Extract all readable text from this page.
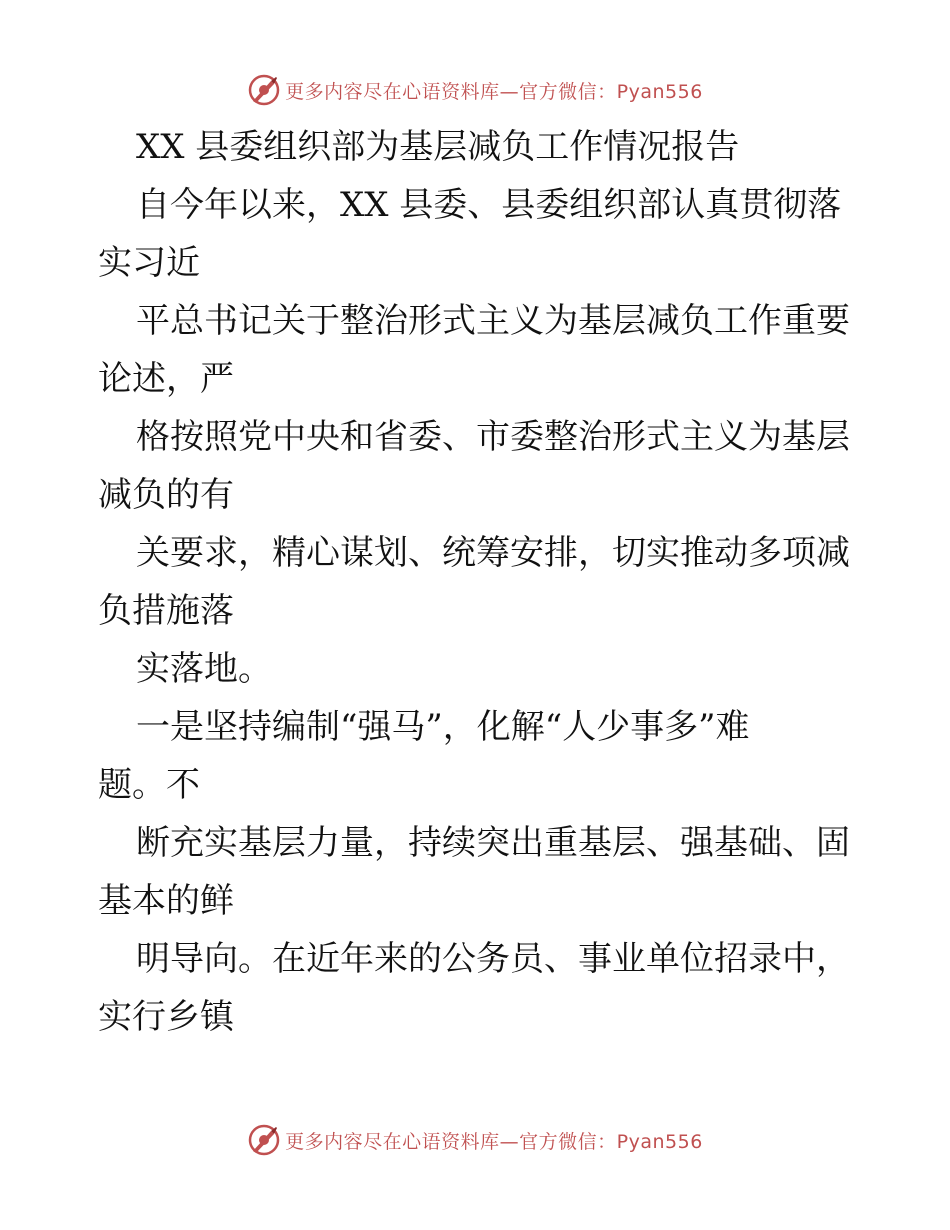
更多内容尽在心语资料库—官方微信：Pyan556

XX 县委组织部为基层减负工作情况报告

自今年以来，XX 县委、县委组织部认真贯彻落

实习近

平总书记关于整治形式主义为基层减负工作重要

论述，严

格按照党中央和省委、市委整治形式主义为基层

减负的有

关要求，精心谋划、统筹安排，切实推动多项减

负措施落

实落地。

一是坚持编制“强马”，化解“人少事多”难

题。不

断充实基层力量，持续突出重基层、强基础、固

基本的鲜

明导向。在近年来的公务员、事业单位招录中，

实行乡镇

更多内容尽在心语资料库—官方微信：Pyan556
